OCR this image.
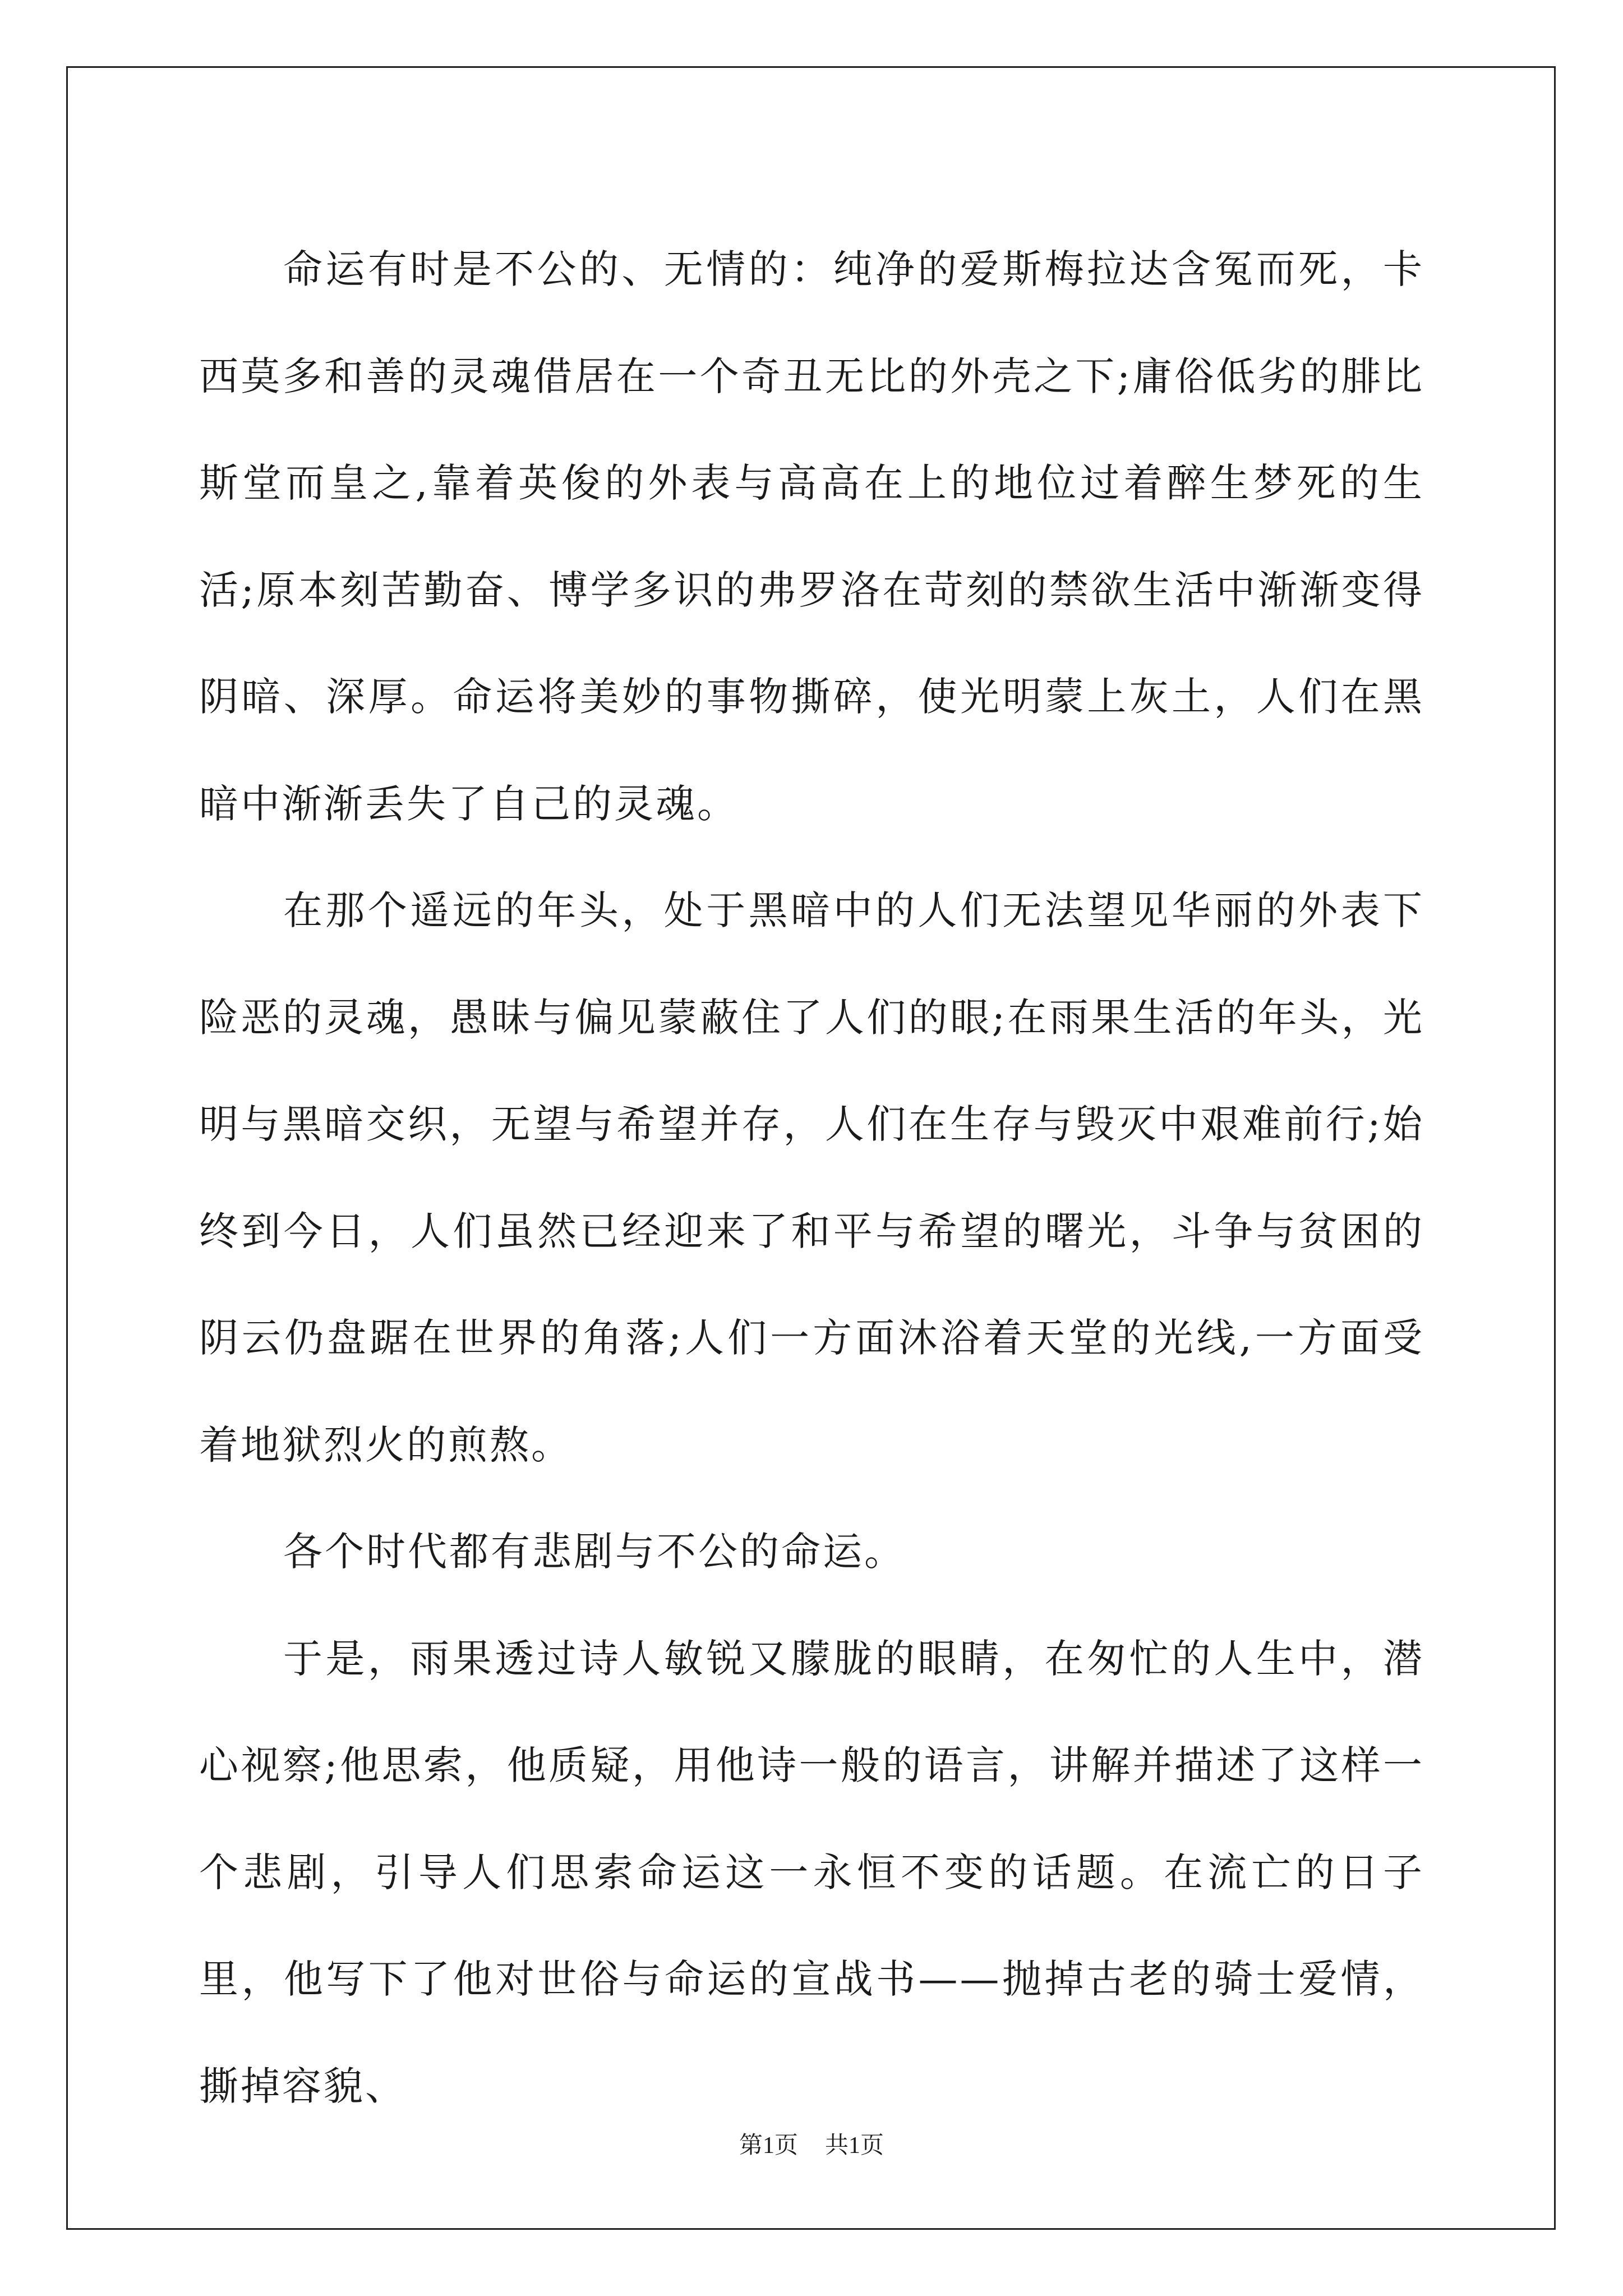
命运有时是不公的、无情的：纯净的爱斯梅拉达含冤而死，卡西莫多和善的灵魂借居在一个奇丑无比的外壳之下;庸俗低劣的腓比斯堂而皇之,靠着英俊的外表与高高在上的地位过着醉生梦死的生活;原本刻苦勤奋、博学多识的弗罗洛在苛刻的禁欲生活中渐渐变得阴暗、深厚。命运将美妙的事物撕碎，使光明蒙上灰土，人们在黑暗中渐渐丢失了自己的灵魂。

在那个遥远的年头，处于黑暗中的人们无法望见华丽的外表下险恶的灵魂，愚昧与偏见蒙蔽住了人们的眼;在雨果生活的年头，光明与黑暗交织，无望与希望并存，人们在生存与毁灭中艰难前行;始终到今日，人们虽然已经迎来了和平与希望的曙光，斗争与贫困的阴云仍盘踞在世界的角落;人们一方面沐浴着天堂的光线,一方面受着地狱烈火的煎熬。

各个时代都有悲剧与不公的命运。

于是，雨果透过诗人敏锐又朦胧的眼睛，在匆忙的人生中，潜心视察;他思索，他质疑，用他诗一般的语言，讲解并描述了这样一个悲剧，引导人们思索命运这一永恒不变的话题。在流亡的日子里，他写下了他对世俗与命运的宣战书——抛掉古老的骑士爱情，撕掉容貌、

第1页 共1页
